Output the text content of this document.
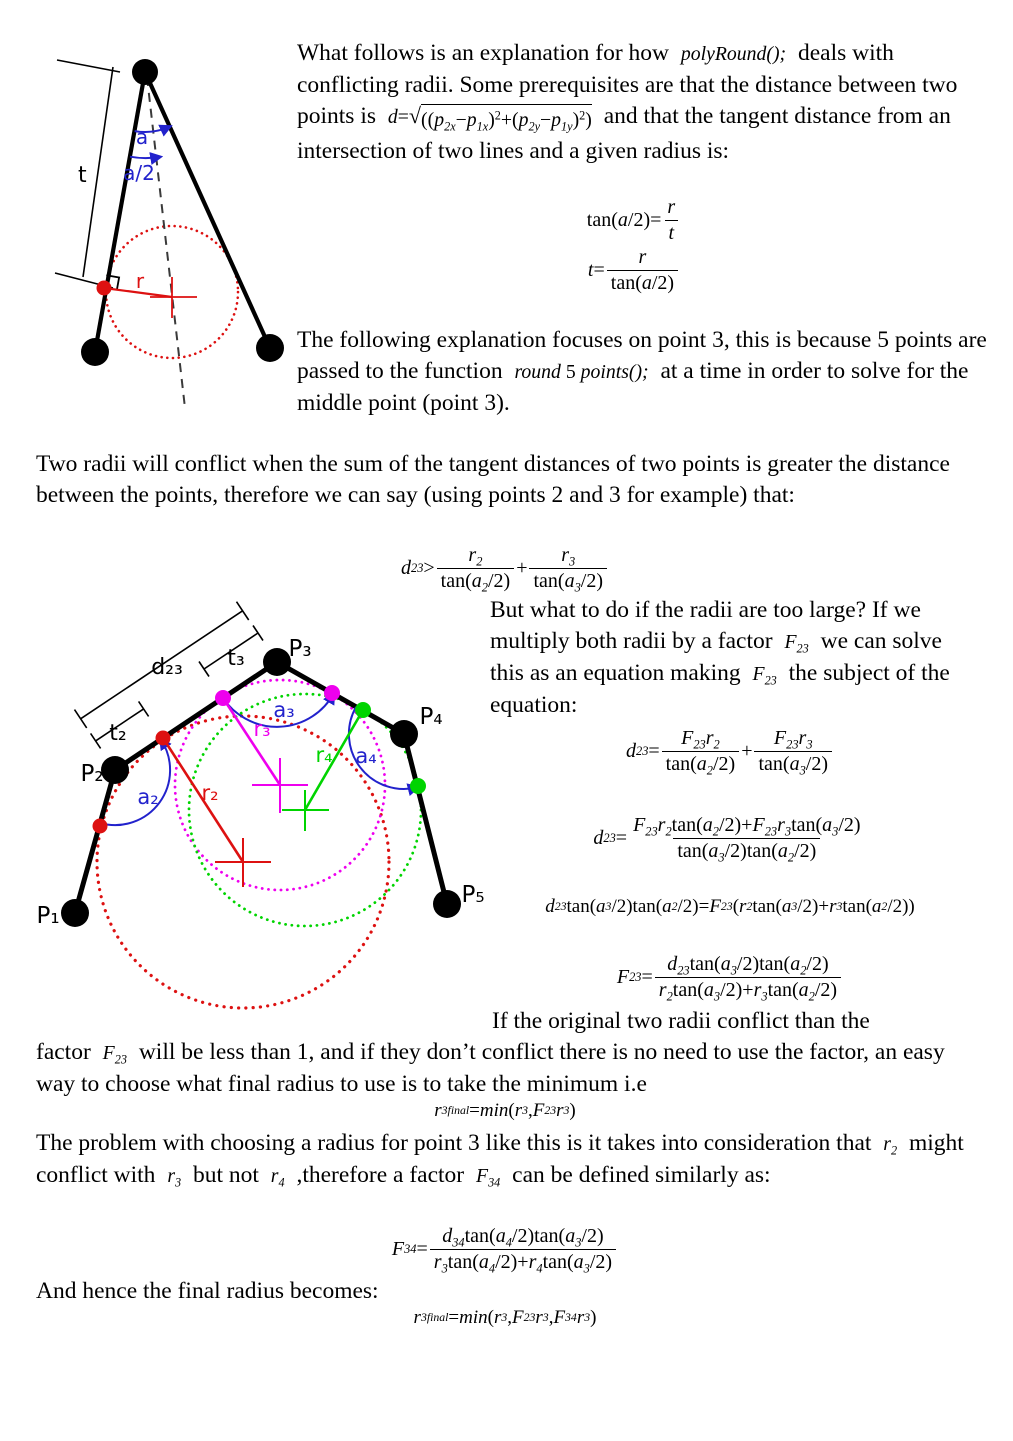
t
a
a/2
r
What follows is an explanation for how polyRound(); deals with conflicting radii. Some prerequisites are that the distance between two points is d= √ $((p_{2x}-p_{1x})^2+(p_{2y}-p_{1y})^2)$ and that the tangent distance from an intersection of two lines and a given radius is:
tan( a $/2)= \frac{r}{t}$
$t = \frac{r}{\tan(a/2)}$
The following explanation focuses on point 3, this is because 5 points are passed to the function round 5 points(); at a time in order to solve for the middle point (point 3).
Two radii will conflict when the sum of the tangent distances of two points is greater the distance between the points, therefore we can say (using points 2 and 3 for example) that:
d $23 > \frac{r_2}{\tan(a_2/2)} + \frac{r_3}{\tan(a_3/2)}$
d₂₃ t₃
t₂
a₂
a₃
a₄
r₂
r₃
r₄
P₁
P₂
P₃
P₄
P₅
But what to do if the radii are too large? If we multiply both radii by a factor $F_{23}$ we can solve this as an equation making $F_{23}$ the subject of the equation:
d $23 = \frac{F_{23}r_2}{\tan(a_2/2)} + \frac{F_{23}r_3}{\tan(a_3/2)}$
d $23 = \frac{F_{23}r_2\tan(a_2/2)+F_{23}r_3\tan(a_3/2)}{\tan(a_3/2)\tan(a_2/2)}$
d 23 tan( a 3 /2)tan( a 2 /2)= F 23 ( r 2 tan( a 3 /2)+ r 3 tan( a 2 /2))
F $23 = \frac{d_{23}\tan(a_3/2)\tan(a_2/2)}{r_2\tan(a_3/2)+r_3\tan(a_2/2)}$
If the original two radii conflict than the
factor $F_{23}$ will be less than 1, and if they don’t conflict there is no need to use the factor, an easy way to choose what final radius to use is to take the minimum i.e
r 3final = min ( r 3 , F 23 r 3 )
The problem with choosing a radius for point 3 like this is it takes into consideration that $r_2$ might conflict with $r_3$ but not $r_4$ ,therefore a factor $F_{34}$ can be defined similarly as:
F $34 = \frac{d_{34}\tan(a_4/2)\tan(a_3/2)}{r_3\tan(a_4/2)+r_4\tan(a_3/2)}$
And hence the final radius becomes:
r 3final = min ( r 3 , F 23 r 3 , F 34 r 3 )
